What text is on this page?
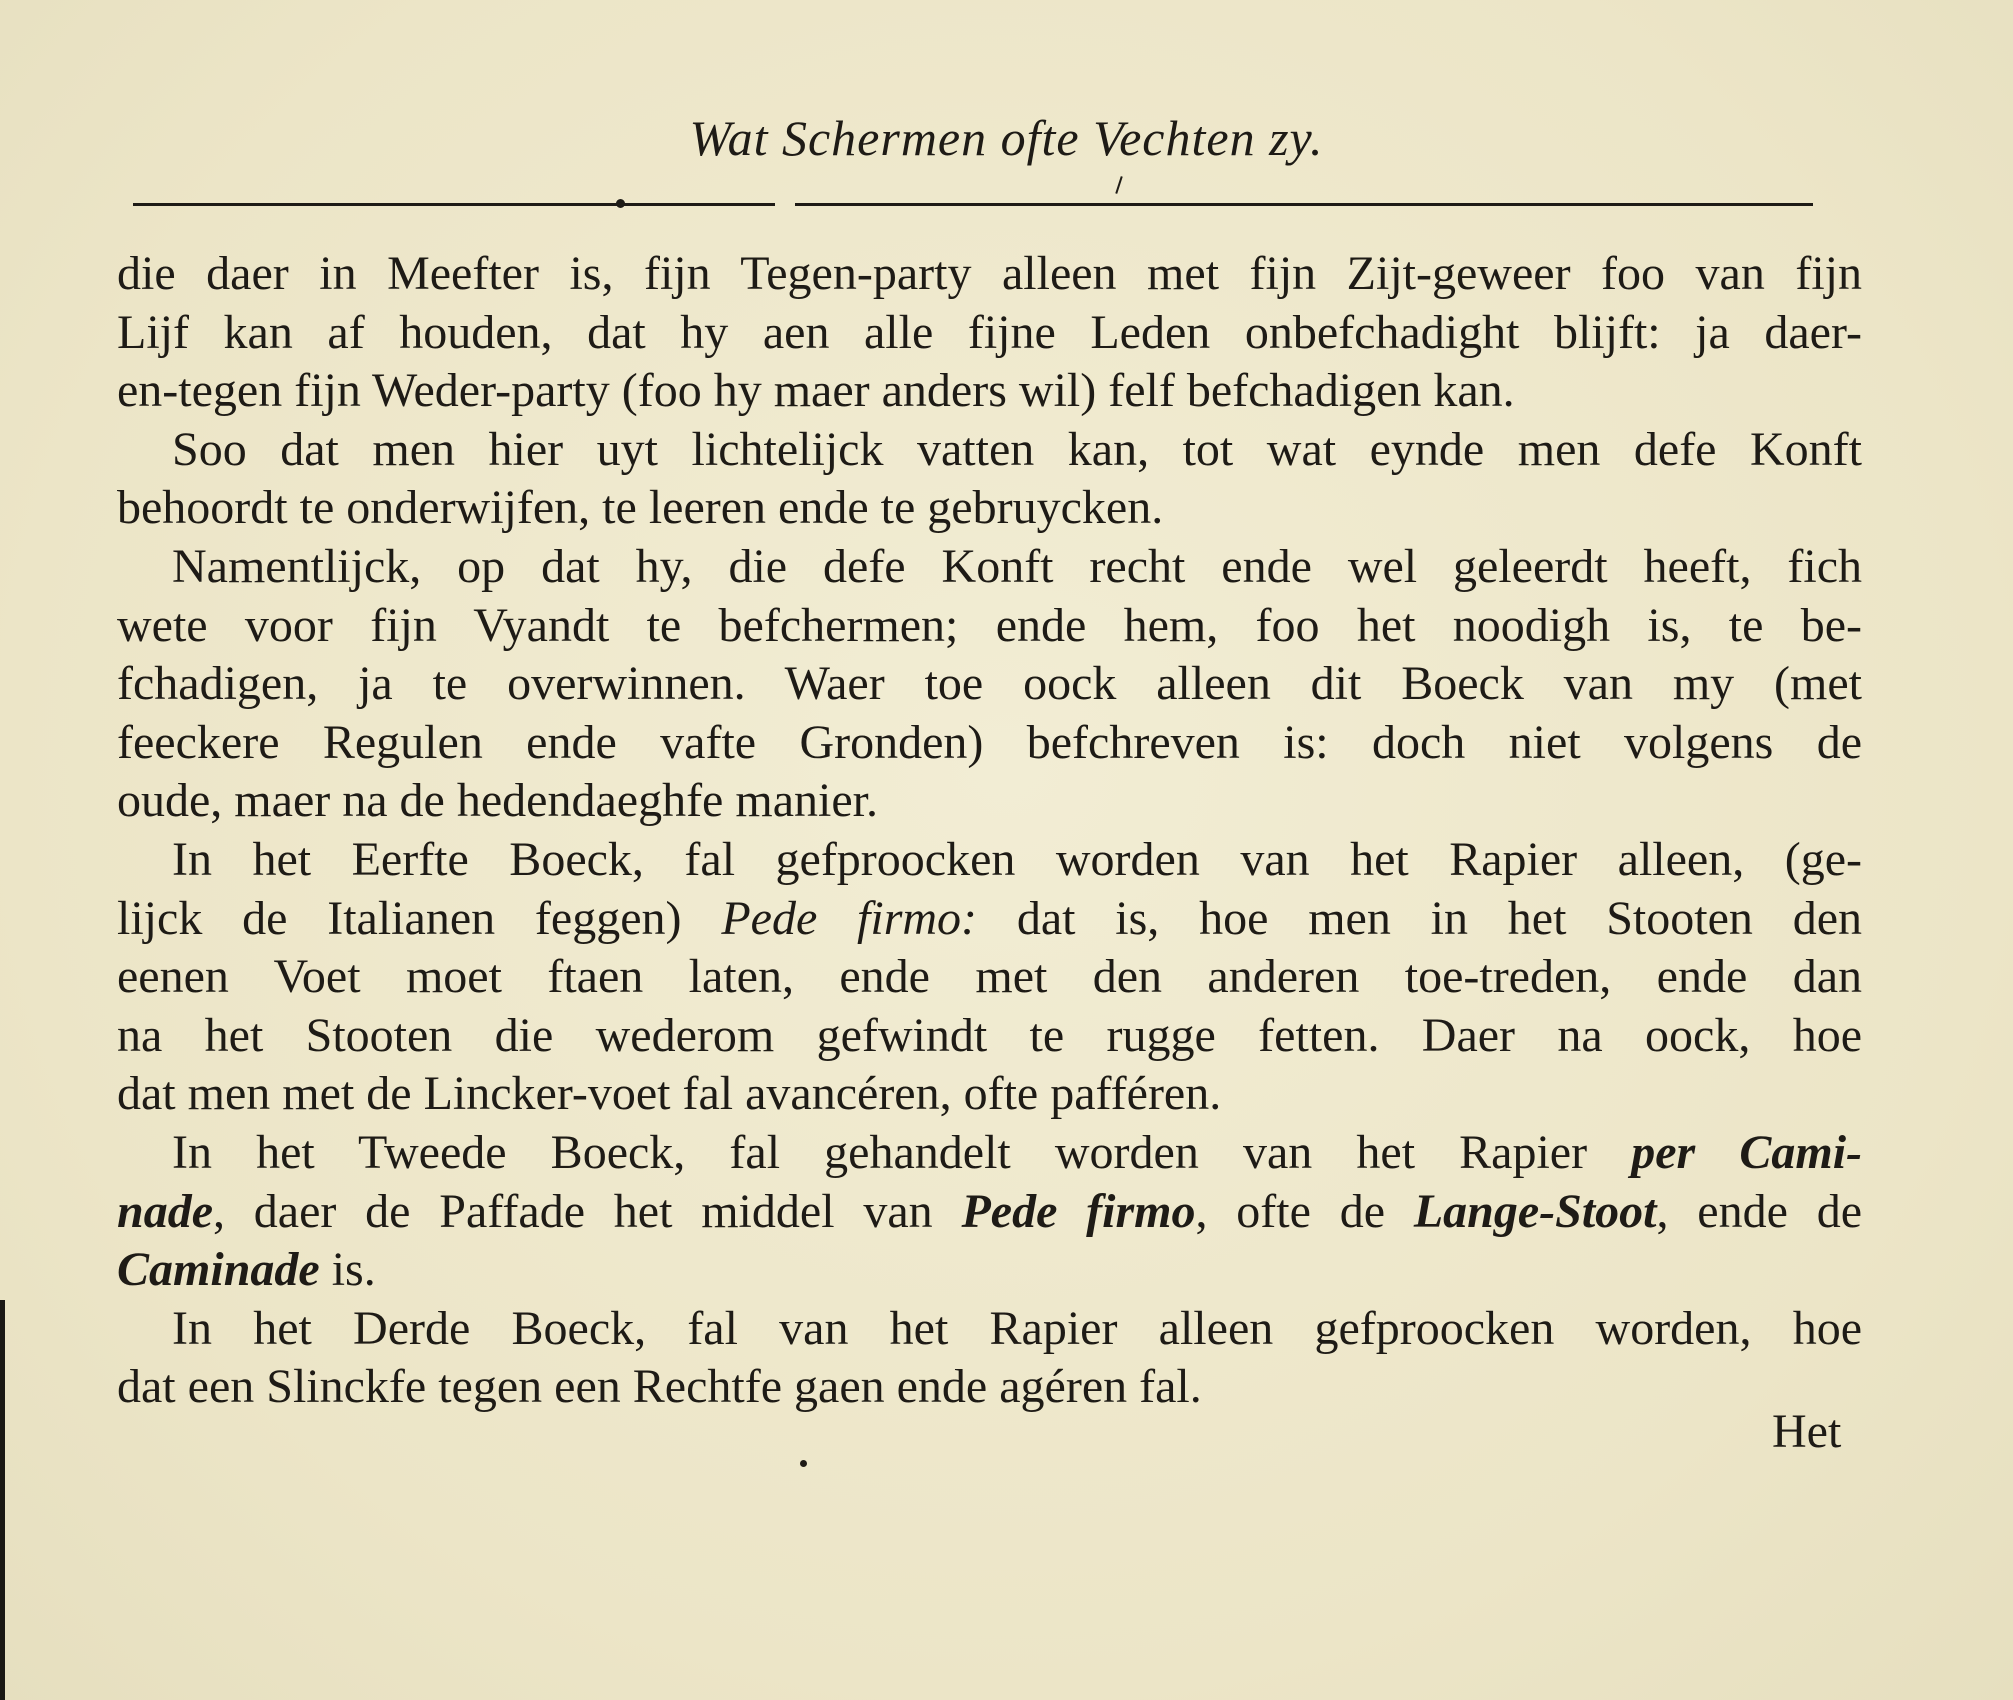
Wat Schermen ofte Vechten zy.
die daer in Meefter is, fijn Tegen-party alleen met fijn Zijt-geweer foo van fijn
Lijf kan af houden, dat hy aen alle fijne Leden onbefchadight blijft: ja daer-
en-tegen fijn Weder-party (foo hy maer anders wil) felf befchadigen kan.
Soo dat men hier uyt lichtelijck vatten kan, tot wat eynde men defe Konft
behoordt te onderwijfen, te leeren ende te gebruycken.
Namentlijck, op dat hy, die defe Konft recht ende wel geleerdt heeft, fich
wete voor fijn Vyandt te befchermen; ende hem, foo het noodigh is, te be-
fchadigen, ja te overwinnen. Waer toe oock alleen dit Boeck van my (met
feeckere Regulen ende vafte Gronden) befchreven is: doch niet volgens de
oude, maer na de hedendaeghfe manier.
In het Eerfte Boeck, fal gefproocken worden van het Rapier alleen, (ge-
lijck de Italianen feggen) Pede firmo: dat is, hoe men in het Stooten den
eenen Voet moet ftaen laten, ende met den anderen toe-treden, ende dan
na het Stooten die wederom gefwindt te rugge fetten. Daer na oock, hoe
dat men met de Lincker-voet fal avancéren, ofte pafféren.
In het Tweede Boeck, fal gehandelt worden van het Rapier per Cami-
nade, daer de Paffade het middel van Pede firmo, ofte de Lange-Stoot, ende de
Caminade is.
In het Derde Boeck, fal van het Rapier alleen gefproocken worden, hoe
dat een Slinckfe tegen een Rechtfe gaen ende agéren fal.
Het
